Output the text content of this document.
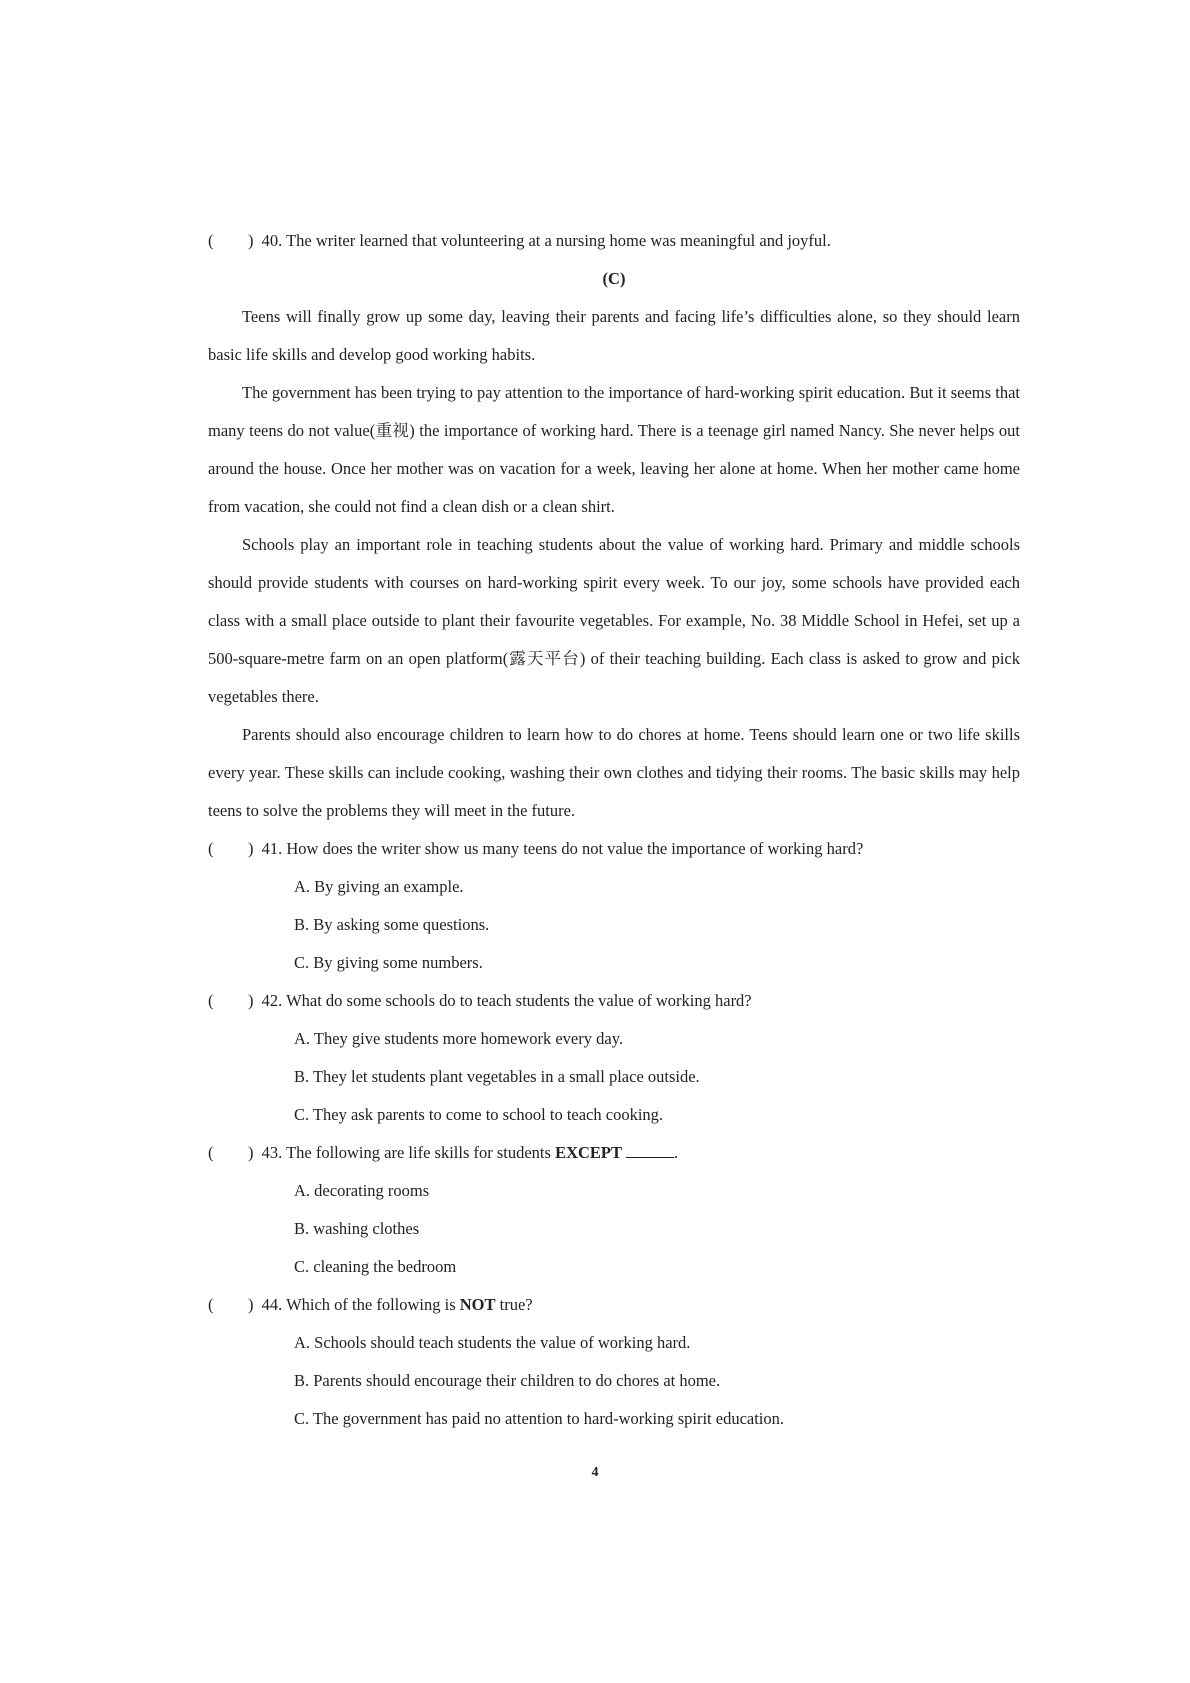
( ) 40. The writer learned that volunteering at a nursing home was meaningful and joyful.
(C)
Teens will finally grow up some day, leaving their parents and facing life’s difficulties alone, so they should learn basic life skills and develop good working habits.
The government has been trying to pay attention to the importance of hard-working spirit education. But it seems that many teens do not value(重视) the importance of working hard. There is a teenage girl named Nancy. She never helps out around the house. Once her mother was on vacation for a week, leaving her alone at home. When her mother came home from vacation, she could not find a clean dish or a clean shirt.
Schools play an important role in teaching students about the value of working hard. Primary and middle schools should provide students with courses on hard-working spirit every week. To our joy, some schools have provided each class with a small place outside to plant their favourite vegetables. For example, No. 38 Middle School in Hefei, set up a 500-square-metre farm on an open platform(露天平台) of their teaching building. Each class is asked to grow and pick vegetables there.
Parents should also encourage children to learn how to do chores at home. Teens should learn one or two life skills every year. These skills can include cooking, washing their own clothes and tidying their rooms. The basic skills may help teens to solve the problems they will meet in the future.
( ) 41. How does the writer show us many teens do not value the importance of working hard?
A. By giving an example.
B. By asking some questions.
C. By giving some numbers.
( ) 42. What do some schools do to teach students the value of working hard?
A. They give students more homework every day.
B. They let students plant vegetables in a small place outside.
C. They ask parents to come to school to teach cooking.
( ) 43. The following are life skills for students EXCEPT	.
A. decorating rooms
B. washing clothes
C. cleaning the bedroom
( ) 44. Which of the following is NOT true?
A. Schools should teach students the value of working hard.
B. Parents should encourage their children to do chores at home.
C. The government has paid no attention to hard-working spirit education.
4
